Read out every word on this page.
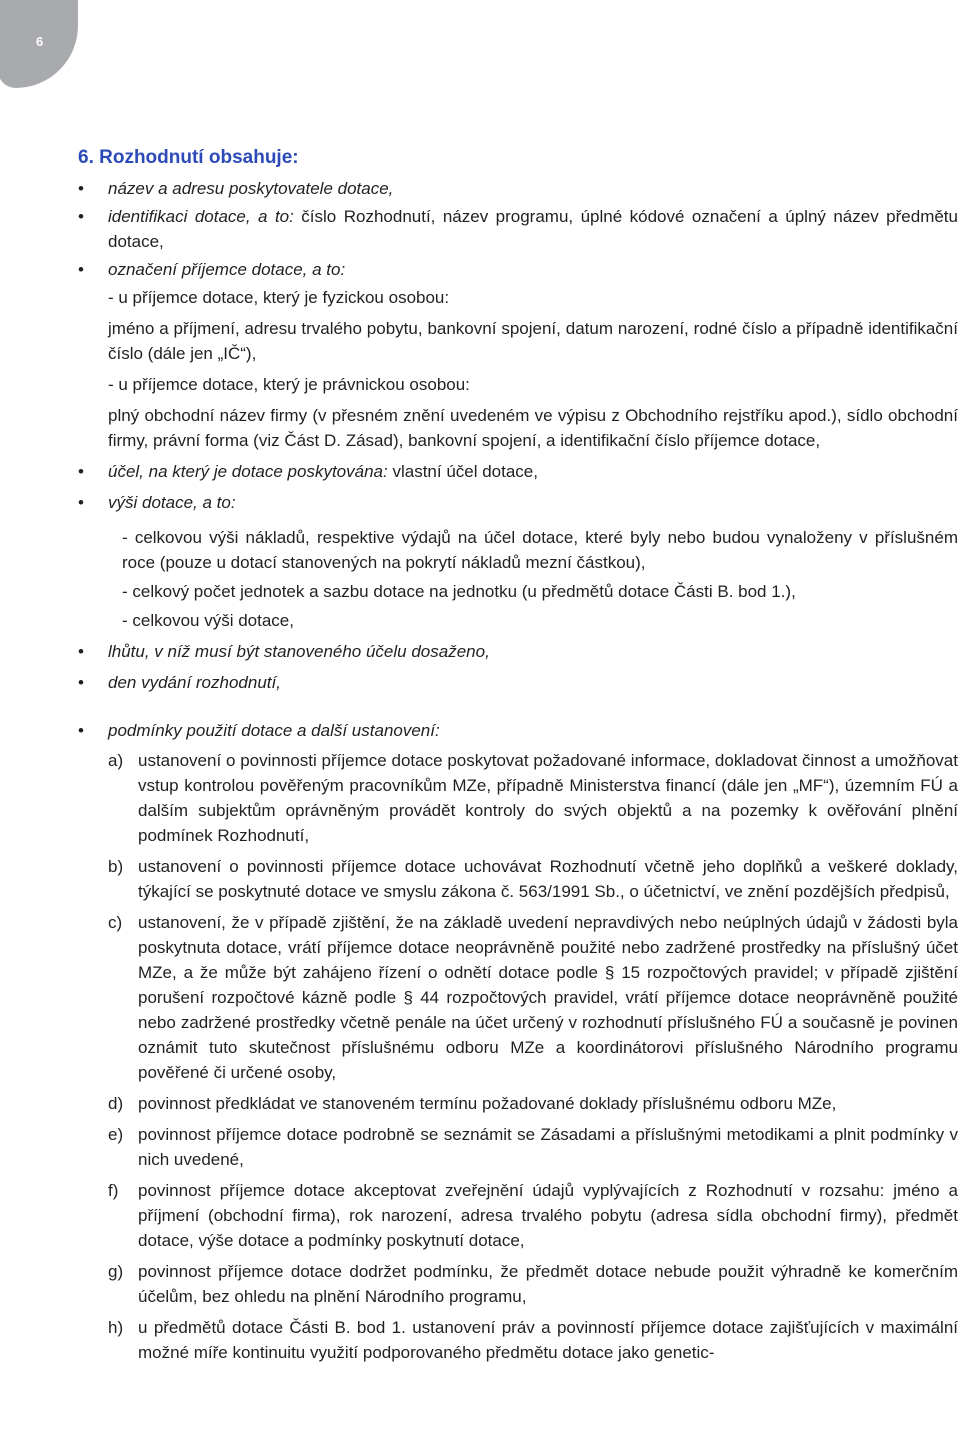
6
6. Rozhodnutí obsahuje:
•	název a adresu poskytovatele dotace,
•	identifikaci dotace, a to: číslo Rozhodnutí, název programu, úplné kódové označení a úplný název předmětu dotace,
•	označení příjemce dotace, a to:
- u příjemce dotace, který je fyzickou osobou:
jméno a příjmení, adresu trvalého pobytu, bankovní spojení, datum narození, rodné číslo a případně identifikační číslo (dále jen „IČ“),
- u příjemce dotace, který je právnickou osobou:
plný obchodní název firmy (v přesném znění uvedeném ve výpisu z Obchodního rejstříku apod.), sídlo obchodní firmy, právní forma (viz Část D. Zásad), bankovní spojení, a identifikační číslo příjemce dotace,
•	účel, na který je dotace poskytována: vlastní účel dotace,
•	výši dotace, a to:
- celkovou výši nákladů, respektive výdajů na účel dotace, které byly nebo budou vynaloženy v příslušném roce (pouze u dotací stanovených na pokrytí nákladů mezní částkou),
- celkový počet jednotek a sazbu dotace na jednotku (u předmětů dotace Části B. bod 1.),
- celkovou výši dotace,
•	lhůtu, v níž musí být stanoveného účelu dosaženo,
•	den vydání rozhodnutí,
•	podmínky použití dotace a další ustanovení:
a) ustanovení o povinnosti příjemce dotace poskytovat požadované informace, dokladovat činnost a umožňovat vstup kontrolou pověřeným pracovníkům MZe, případně Ministerstva financí (dále jen „MF“), územním FÚ a dalším subjektům oprávněným provádět kontroly do svých objektů a na pozemky k ověřování plnění podmínek Rozhodnutí,
b) ustanovení o povinnosti příjemce dotace uchovávat Rozhodnutí včetně jeho doplňků a veškeré doklady, týkající se poskytnuté dotace ve smyslu zákona č. 563/1991 Sb., o účetnictví, ve znění pozdějších předpisů,
c) ustanovení, že v případě zjištění, že na základě uvedení nepravdivých nebo neúplných údajů v žádosti byla poskytnuta dotace, vrátí příjemce dotace neoprávněně použité nebo zadržené prostředky na příslušný účet MZe, a že může být zahájeno řízení o odnětí dotace podle § 15 rozpočtových pravidel; v případě zjištění porušení rozpočtové kázně podle § 44 rozpočtových pravidel, vrátí příjemce dotace neoprávněně použité nebo zadržené prostředky včetně penále na účet určený v rozhodnutí příslušného FÚ a současně je povinen oznámit tuto skutečnost příslušnému odboru MZe a koordinátorovi příslušného Národního programu pověřené či určené osoby,
d) povinnost předkládat ve stanoveném termínu požadované doklady příslušnému odboru MZe,
e) povinnost příjemce dotace podrobně se seznámit se Zásadami a příslušnými metodikami a plnit podmínky v nich uvedené,
f) povinnost příjemce dotace akceptovat zveřejnění údajů vyplývajících z Rozhodnutí v rozsahu: jméno a příjmení (obchodní firma), rok narození, adresa trvalého pobytu (adresa sídla obchodní firmy), předmět dotace, výše dotace a podmínky poskytnutí dotace,
g) povinnost příjemce dotace dodržet podmínku, že předmět dotace nebude použit výhradně ke komerčním účelům, bez ohledu na plnění Národního programu,
h) u předmětů dotace Části B. bod 1. ustanovení práv a povinností příjemce dotace zajišťujících v maximální možné míře kontinuitu využití podporovaného předmětu dotace jako genetic-
